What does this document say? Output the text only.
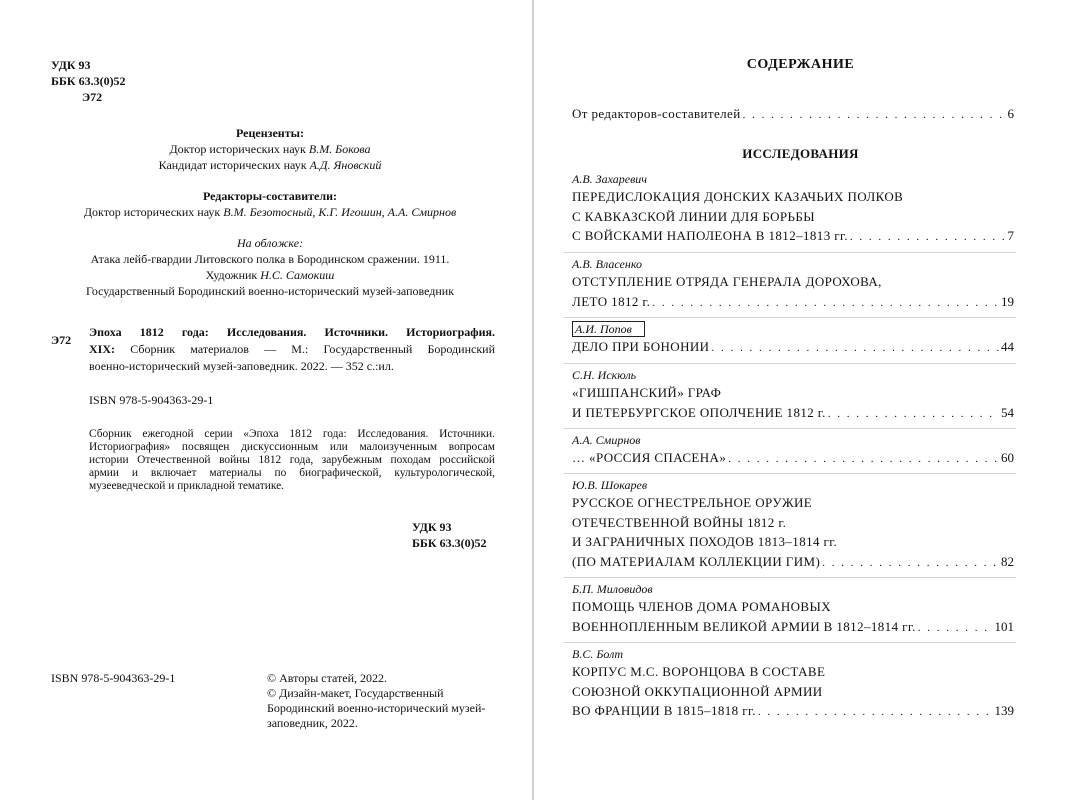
УДК 93
ББК 63.3(0)52
Э72
Рецензенты:
Доктор исторических наук В.М. Бокова
Кандидат исторических наук А.Д. Яновский
Редакторы-составители:
Доктор исторических наук В.М. Безотосный, К.Г. Игошин, А.А. Смирнов
На обложке:
Атака лейб-гвардии Литовского полка в Бородинском сражении. 1911.
Художник Н.С. Самокиш
Государственный Бородинский военно-исторический музей-заповедник
Э72
Эпоха 1812 года: Исследования. Источники. Историография.
XIX: Сборник материалов — М.: Государственный Бородинский
военно-исторический музей-заповедник. 2022. — 352 с.:ил.
ISBN 978-5-904363-29-1
Сборник ежегодной серии «Эпоха 1812 года: Исследования. Источники.
Историография» посвящен дискуссионным или малоизученным вопросам
истории Отечественной войны 1812 года, зарубежным походам российской
армии и включает материалы по биографической, культурологической,
музееведческой и прикладной тематике.
УДК 93
ББК 63.3(0)52
ISBN 978-5-904363-29-1	© Авторы статей, 2022.
© Дизайн-макет, Государственный
Бородинский военно-исторический музей-
заповедник, 2022.
СОДЕРЖАНИЕ
От редакторов-составителей . . .	6
ИССЛЕДОВАНИЯ
А.В. Захаревич
ПЕРЕДИСЛОКАЦИЯ ДОНСКИХ КАЗАЧЬИХ ПОЛКОВ
С КАВКАЗСКОЙ ЛИНИИ ДЛЯ БОРЬБЫ
С ВОЙСКАМИ НАПОЛЕОНА В 1812–1813 гг. . . .	7
А.В. Власенко
ОТСТУПЛЕНИЕ ОТРЯДА ГЕНЕРАЛА ДОРОХОВА,
ЛЕТО 1812 г. . . .	19
А.И. Попов
ДЕЛО ПРИ БОНОНИИ . . .	44
С.Н. Искюль
«ГИШПАНСКИЙ» ГРАФ
И ПЕТЕРБУРГСКОЕ ОПОЛЧЕНИЕ 1812 г. . . .	54
А.А. Смирнов
… «РОССИЯ СПАСЕНА» . . .	60
Ю.В. Шокарев
РУССКОЕ ОГНЕСТРЕЛЬНОЕ ОРУЖИЕ
ОТЕЧЕСТВЕННОЙ ВОЙНЫ 1812 г.
И ЗАГРАНИЧНЫХ ПОХОДОВ 1813–1814 гг.
(ПО МАТЕРИАЛАМ КОЛЛЕКЦИИ ГИМ) . . .	82
Б.П. Миловидов
ПОМОЩЬ ЧЛЕНОВ ДОМА РОМАНОВЫХ
ВОЕННОПЛЕННЫМ ВЕЛИКОЙ АРМИИ В 1812–1814 гг. . . .	101
В.С. Болт
КОРПУС М.С. ВОРОНЦОВА В СОСТАВЕ
СОЮЗНОЙ ОККУПАЦИОННОЙ АРМИИ
ВО ФРАНЦИИ В 1815–1818 гг. . . .	139
